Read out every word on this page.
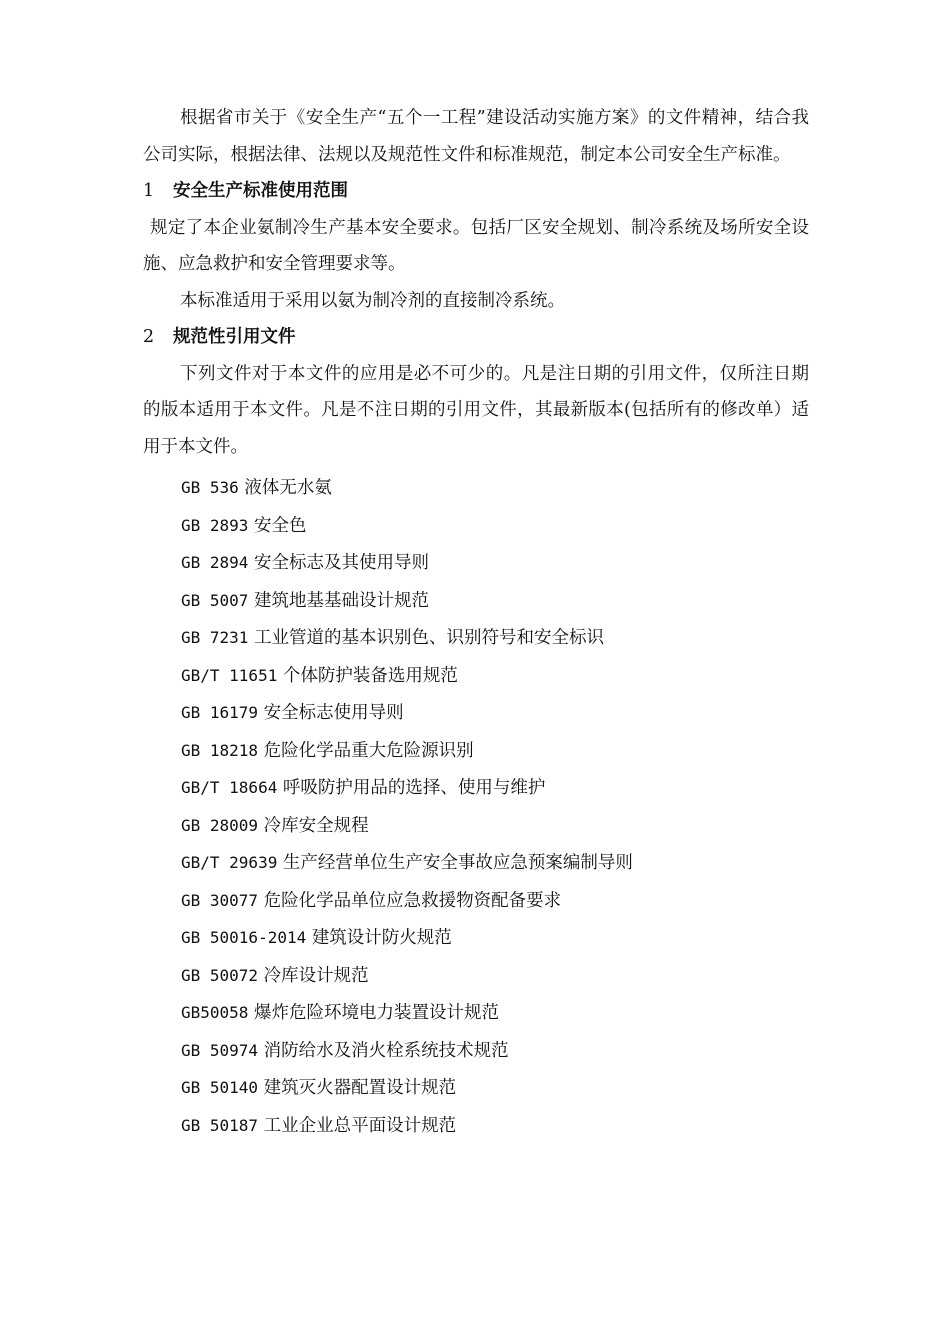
根据省市关于《安全生产“五个一工程”建设活动实施方案》的文件精神，结合我公司实际，根据法律、法规以及规范性文件和标准规范，制定本公司安全生产标准。

1	安全生产标准使用范围

规定了本企业氨制冷生产基本安全要求。包括厂区安全规划、制冷系统及场所安全设施、应急救护和安全管理要求等。

本标准适用于采用以氨为制冷剂的直接制冷系统。

2	规范性引用文件

下列文件对于本文件的应用是必不可少的。凡是注日期的引用文件，仅所注日期的版本适用于本文件。凡是不注日期的引用文件，其最新版本(包括所有的修改单）适用于本文件。

GB 536 液体无水氨
GB 2893 安全色
GB 2894 安全标志及其使用导则
GB 5007 建筑地基基础设计规范
GB 7231 工业管道的基本识别色、识别符号和安全标识
GB/T 11651 个体防护装备选用规范
GB 16179 安全标志使用导则
GB 18218 危险化学品重大危险源识别
GB/T 18664 呼吸防护用品的选择、使用与维护
GB 28009 冷库安全规程
GB/T 29639 生产经营单位生产安全事故应急预案编制导则
GB 30077 危险化学品单位应急救援物资配备要求
GB 50016-2014 建筑设计防火规范
GB 50072 冷库设计规范
GB50058 爆炸危险环境电力装置设计规范
GB 50974 消防给水及消火栓系统技术规范
GB 50140 建筑灭火器配置设计规范
GB 50187 工业企业总平面设计规范
